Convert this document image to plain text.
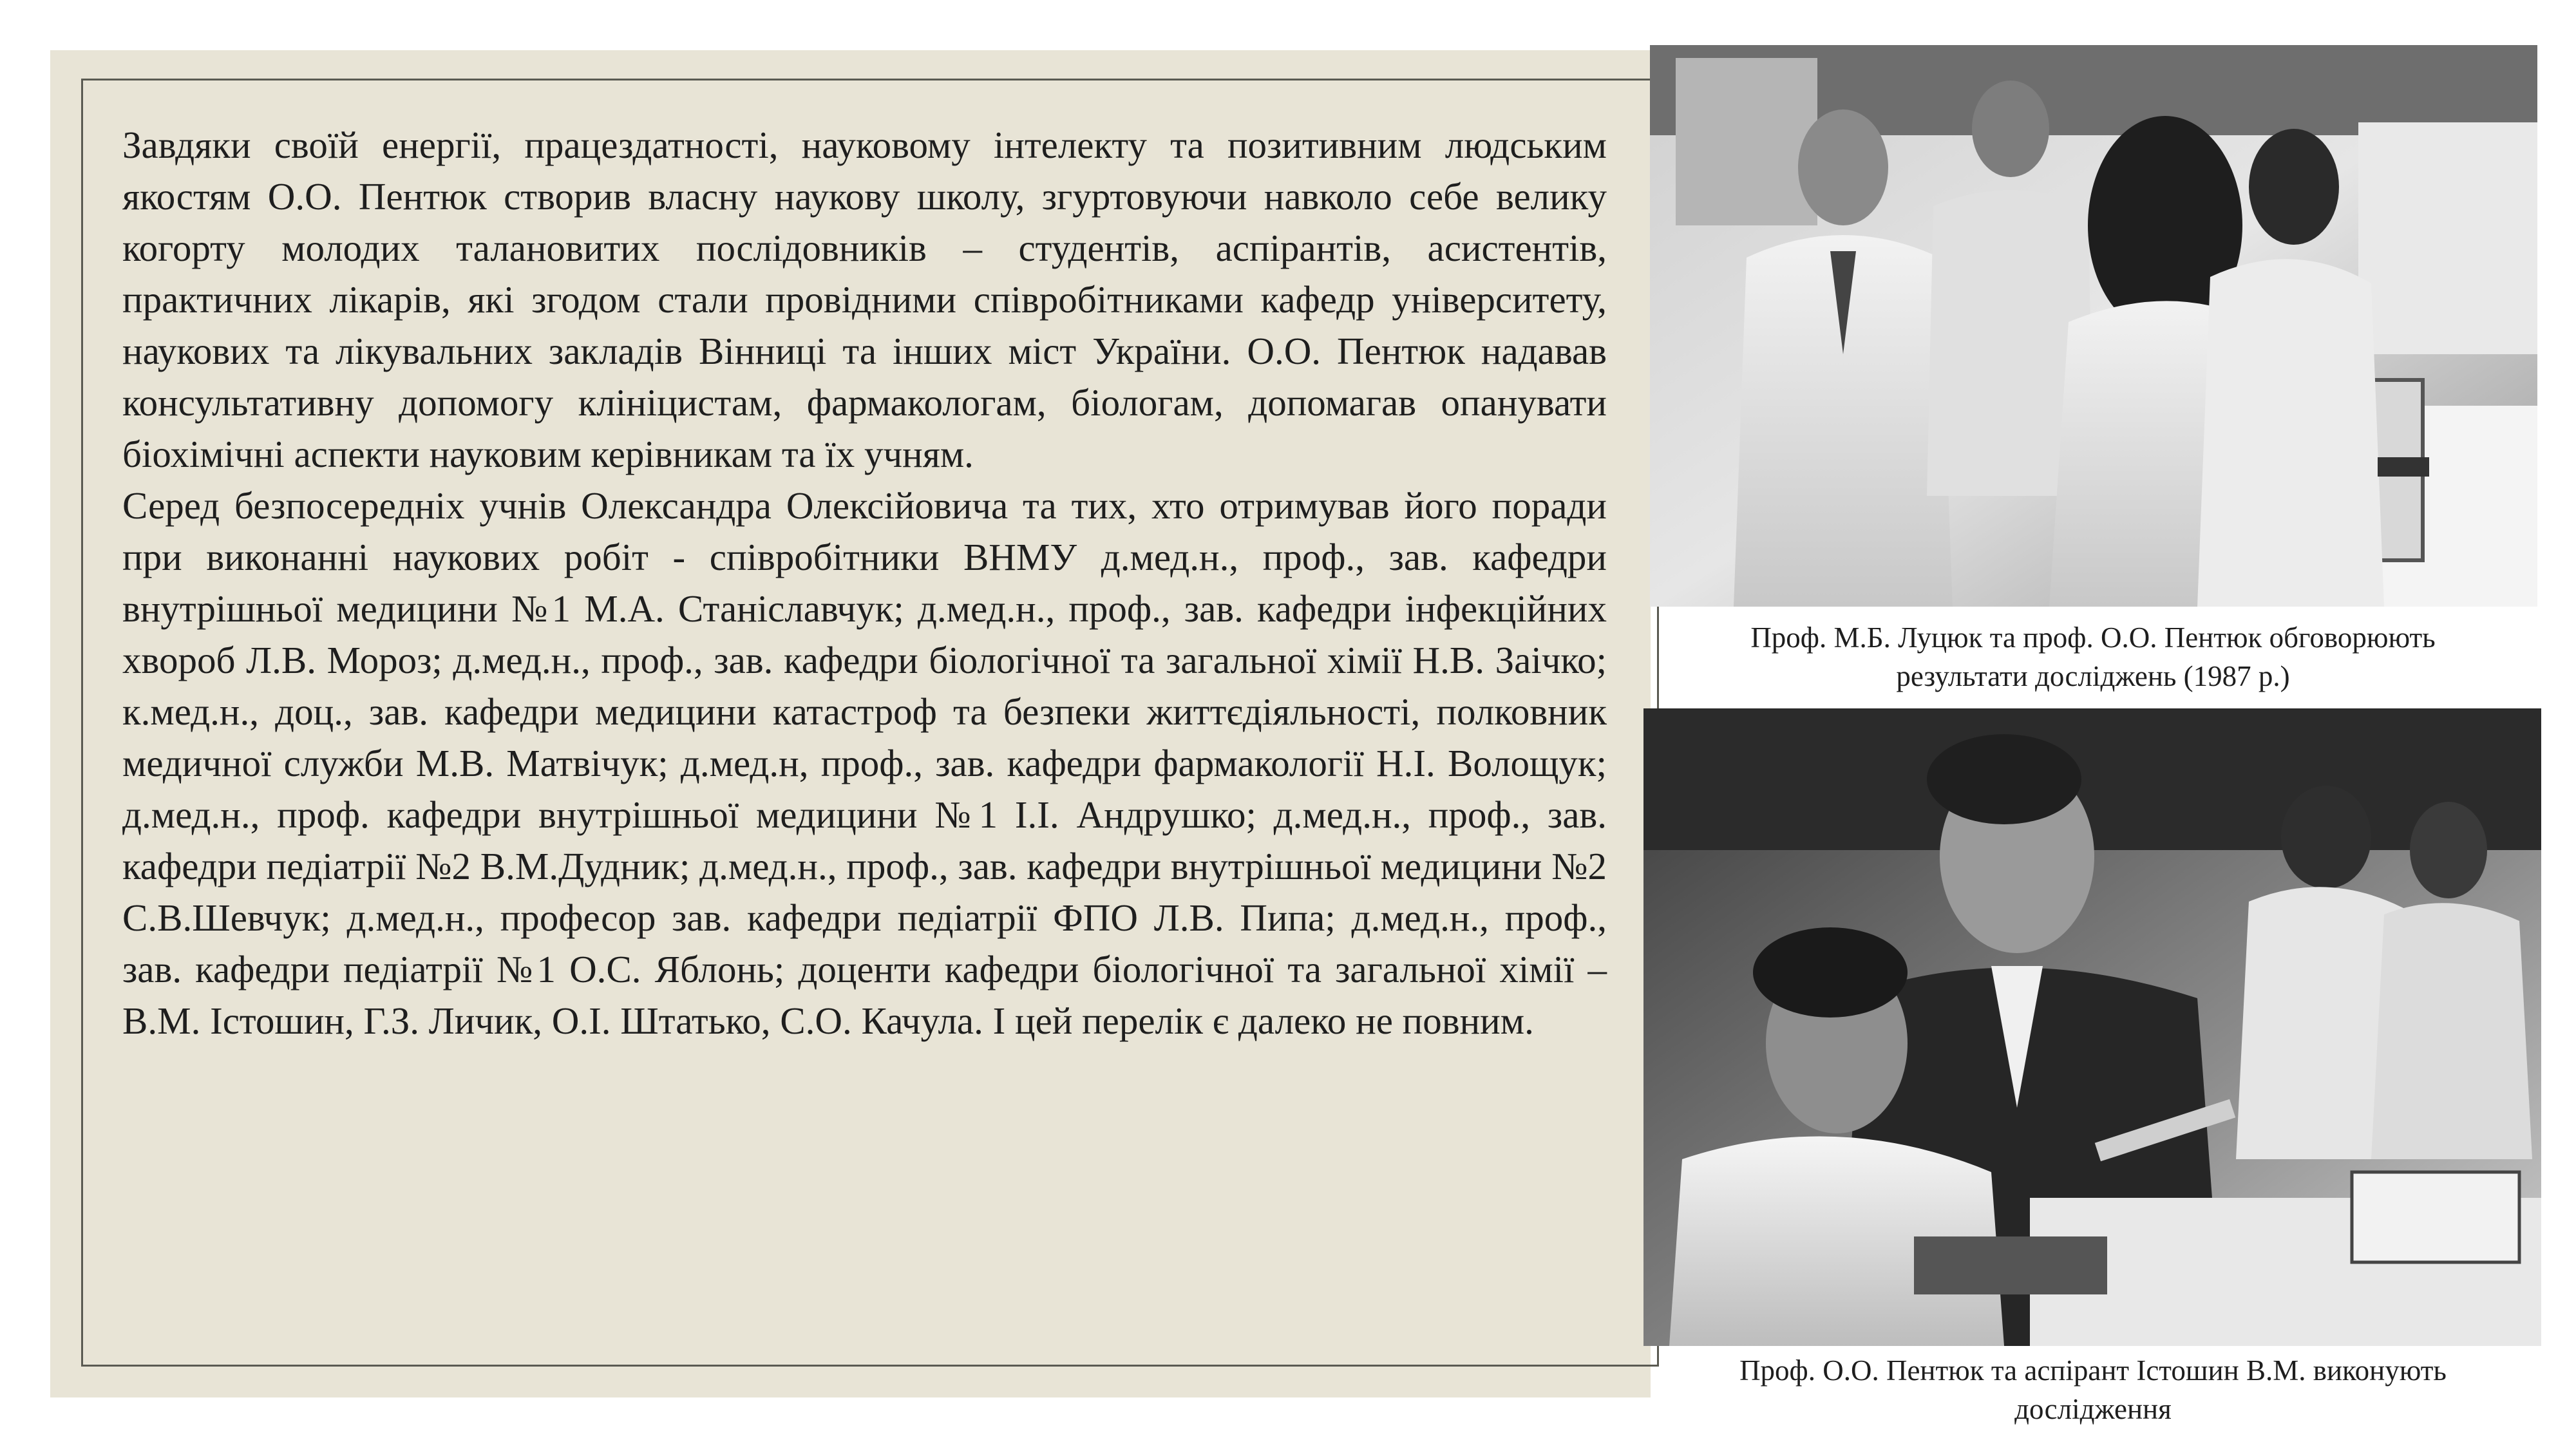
Завдяки своїй енергії, працездатності, науковому інтелекту та позитивним людським якостям О.О. Пентюк створив власну наукову школу, згуртовуючи навколо себе велику когорту молодих талановитих послідовників – студентів, аспірантів, асистентів, практичних лікарів, які згодом стали провідними співробітниками кафедр університету, наукових та лікувальних закладів Вінниці та інших міст України. О.О. Пентюк надавав консультативну допомогу клініцистам, фармакологам, біологам, допомагав опанувати біохімічні аспекти науковим керівникам та їх учням.

Серед безпосередніх учнів Олександра Олексійовича та тих, хто отримував його поради при виконанні наукових робіт - співробітники ВНМУ д.мед.н., проф., зав. кафедри внутрішньої медицини №1 М.А. Станіславчук; д.мед.н., проф., зав. кафедри інфекційних хвороб Л.В. Мороз; д.мед.н., проф., зав. кафедри біологічної та загальної хімії Н.В. Заічко; к.мед.н., доц., зав. кафедри медицини катастроф та безпеки життєдіяльності, полковник медичної служби М.В. Матвічук; д.мед.н, проф., зав. кафедри фармакології Н.І. Волощук; д.мед.н., проф. кафедри внутрішньої медицини №1 І.І. Андрушко; д.мед.н., проф., зав. кафедри педіатрії №2 В.М.Дудник; д.мед.н., проф., зав. кафедри внутрішньої медицини №2 С.В.Шевчук; д.мед.н., професор зав. кафедри педіатрії ФПО Л.В. Пипа; д.мед.н., проф., зав. кафедри педіатрії №1 О.С. Яблонь; доценти кафедри біологічної та загальної хімії – В.М. Істошин, Г.З. Личик, О.І. Штатько, С.О. Качула. І цей перелік є далеко не повним.

Проф. М.Б. Луцюк та проф. О.О. Пентюк обговорюють
результати досліджень (1987 р.)
Проф. О.О. Пентюк та аспірант Істошин В.М. виконують
дослідження
